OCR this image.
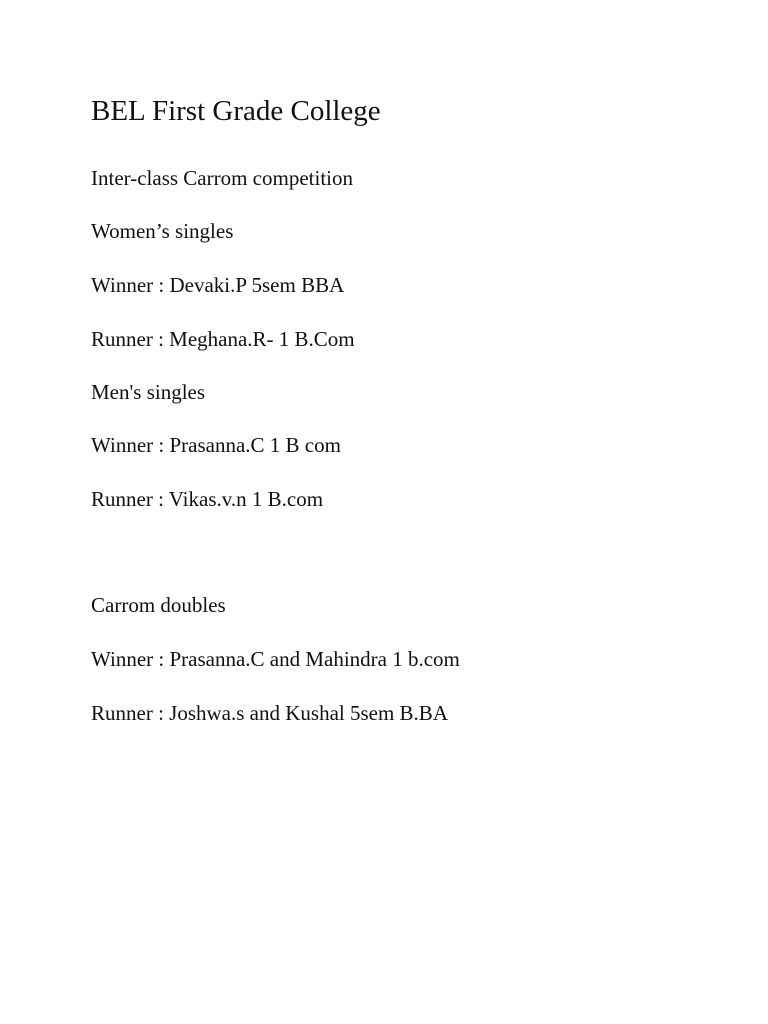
BEL First Grade College
Inter-class Carrom competition
Women’s singles
Winner : Devaki.P 5sem BBA
Runner : Meghana.R- 1 B.Com
Men's singles
Winner : Prasanna.C 1 B com
Runner : Vikas.v.n 1 B.com
Carrom doubles
Winner : Prasanna.C and Mahindra 1 b.com
Runner : Joshwa.s and Kushal 5sem B.BA
